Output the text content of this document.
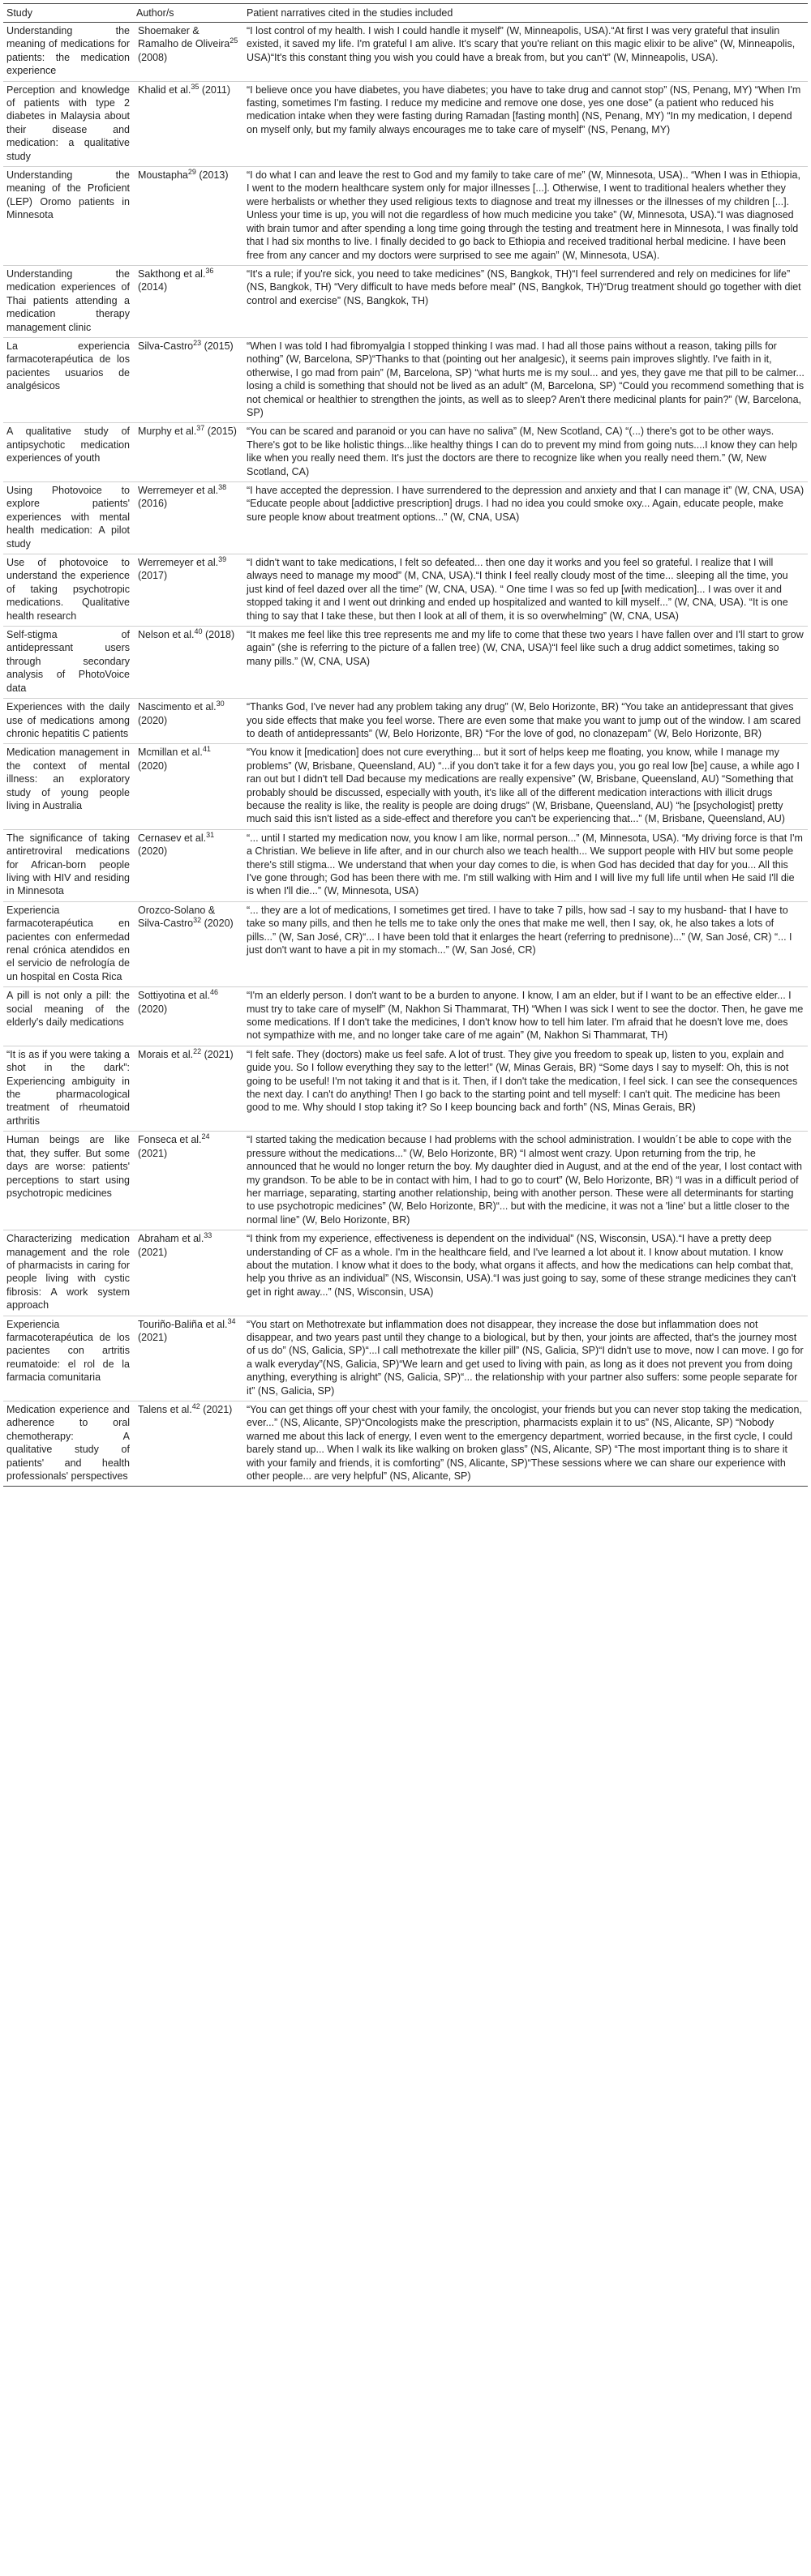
Study	Author/s	Patient narratives cited in the studies included
Understanding the meaning of medications for patients: the medication experience	Shoemaker & Ramalho de Oliveira$^{25}$ (2008)	“I lost control of my health. I wish I could handle it myself” (W, Minneapolis, USA).“At first I was very grateful that insulin existed, it saved my life. I'm grateful I am alive. It's scary that you're reliant on this magic elixir to be alive” (W, Minneapolis, USA)“It's this constant thing you wish you could have a break from, but you can't” (W, Minneapolis, USA).
Perception and knowledge of patients with type 2 diabetes in Malaysia about their disease and medication: a qualitative study	Khalid et al.$^{35}$ (2011)	“I believe once you have diabetes, you have diabetes; you have to take drug and cannot stop” (NS, Penang, MY) “When I'm fasting, sometimes I'm fasting. I reduce my medicine and remove one dose, yes one dose” (a patient who reduced his medication intake when they were fasting during Ramadan [fasting month] (NS, Penang, MY) “In my medication, I depend on myself only, but my family always encourages me to take care of myself” (NS, Penang, MY)
Understanding the meaning of the Proficient (LEP) Oromo patients in Minnesota	Moustapha$^{29}$ (2013)	“I do what I can and leave the rest to God and my family to take care of me” (W, Minnesota, USA).. “When I was in Ethiopia, I went to the modern healthcare system only for major illnesses [...]. Otherwise, I went to traditional healers whether they were herbalists or whether they used religious texts to diagnose and treat my illnesses or the illnesses of my children [...]. Unless your time is up, you will not die regardless of how much medicine you take” (W, Minnesota, USA).“I was diagnosed with brain tumor and after spending a long time going through the testing and treatment here in Minnesota, I was finally told that I had six months to live. I finally decided to go back to Ethiopia and received traditional herbal medicine. I have been free from any cancer and my doctors were surprised to see me again” (W, Minnesota, USA).
Understanding the medication experiences of Thai patients attending a medication therapy management clinic	Sakthong et al.$^{36}$ (2014)	“It's a rule; if you're sick, you need to take medicines” (NS, Bangkok, TH)“I feel surrendered and rely on medicines for life” (NS, Bangkok, TH) “Very difficult to have meds before meal” (NS, Bangkok, TH)“Drug treatment should go together with diet control and exercise” (NS, Bangkok, TH)
La experiencia farmacoterapéutica de los pacientes usuarios de analgésicos	Silva-Castro$^{23}$ (2015)	“When I was told I had fibromyalgia I stopped thinking I was mad. I had all those pains without a reason, taking pills for nothing” (W, Barcelona, SP)“Thanks to that (pointing out her analgesic), it seems pain improves slightly. I've faith in it, otherwise, I go mad from pain” (M, Barcelona, SP) “what hurts me is my soul... and yes, they gave me that pill to be calmer... losing a child is something that should not be lived as an adult” (M, Barcelona, SP) “Could you recommend something that is not chemical or healthier to strengthen the joints, as well as to sleep? Aren't there medicinal plants for pain?” (W, Barcelona, SP)
A qualitative study of antipsychotic medication experiences of youth	Murphy et al.$^{37}$ (2015)	“You can be scared and paranoid or you can have no saliva” (M, New Scotland, CA) “(...) there's got to be other ways. There's got to be like holistic things...like healthy things I can do to prevent my mind from going nuts....I know they can help like when you really need them. It's just the doctors are there to recognize like when you really need them.” (W, New Scotland, CA)
Using Photovoice to explore patients' experiences with mental health medication: A pilot study	Werremeyer et al.$^{38}$ (2016)	“I have accepted the depression. I have surrendered to the depression and anxiety and that I can manage it” (W, CNA, USA) “Educate people about [addictive prescription] drugs. I had no idea you could smoke oxy... Again, educate people, make sure people know about treatment options...” (W, CNA, USA)
Use of photovoice to understand the experience of taking psychotropic medications. Qualitative health research	Werremeyer et al.$^{39}$ (2017)	“I didn't want to take medications, I felt so defeated... then one day it works and you feel so grateful. I realize that I will always need to manage my mood” (M, CNA, USA).“I think I feel really cloudy most of the time... sleeping all the time, you just kind of feel dazed over all the time” (W, CNA, USA). “ One time I was so fed up [with medication]... I was over it and stopped taking it and I went out drinking and ended up hospitalized and wanted to kill myself...” (W, CNA, USA). “It is one thing to say that I take these, but then I look at all of them, it is so overwhelming” (W, CNA, USA)
Self-stigma of antidepressant users through secondary analysis of PhotoVoice data	Nelson et al.$^{40}$ (2018)	“It makes me feel like this tree represents me and my life to come that these two years I have fallen over and I'll start to grow again” (she is referring to the picture of a fallen tree) (W, CNA, USA)“I feel like such a drug addict sometimes, taking so many pills.” (W, CNA, USA)
Experiences with the daily use of medications among chronic hepatitis C patients	Nascimento et al.$^{30}$ (2020)	“Thanks God, I've never had any problem taking any drug” (W, Belo Horizonte, BR) “You take an antidepressant that gives you side effects that make you feel worse. There are even some that make you want to jump out of the window. I am scared to death of antidepressants” (W, Belo Horizonte, BR) “For the love of god, no clonazepam” (W, Belo Horizonte, BR)
Medication management in the context of mental illness: an exploratory study of young people living in Australia	Mcmillan et al.$^{41}$ (2020)	“You know it [medication] does not cure everything... but it sort of helps keep me floating, you know, while I manage my problems” (W, Brisbane, Queensland, AU) “...if you don't take it for a few days you, you go real low [be] cause, a while ago I ran out but I didn't tell Dad because my medications are really expensive” (W, Brisbane, Queensland, AU) “Something that probably should be discussed, especially with youth, it's like all of the different medication interactions with illicit drugs because the reality is like, the reality is people are doing drugs” (W, Brisbane, Queensland, AU) “he [psychologist] pretty much said this isn't listed as a side-effect and therefore you can't be experiencing that...” (M, Brisbane, Queensland, AU)
The significance of taking antiretroviral medications for African-born people living with HIV and residing in Minnesota	Cernasev et al.$^{31}$ (2020)	“... until I started my medication now, you know I am like, normal person...” (M, Minnesota, USA). “My driving force is that I'm a Christian. We believe in life after, and in our church also we teach health... We support people with HIV but some people there's still stigma... We understand that when your day comes to die, is when God has decided that day for you... All this I've gone through; God has been there with me. I'm still walking with Him and I will live my full life until when He said I'll die is when I'll die...” (W, Minnesota, USA)
Experiencia farmacoterapéutica en pacientes con enfermedad renal crónica atendidos en el servicio de nefrología de un hospital en Costa Rica	Orozco-Solano & Silva-Castro$^{32}$ (2020)	“... they are a lot of medications, I sometimes get tired. I have to take 7 pills, how sad -I say to my husband- that I have to take so many pills, and then he tells me to take only the ones that make me well, then I say, ok, he also takes a lots of pills...” (W, San José, CR)“... I have been told that it enlarges the heart (referring to prednisone)...” (W, San José, CR) “... I just don't want to have a pit in my stomach...” (W, San José, CR)
A pill is not only a pill: the social meaning of the elderly's daily medications	Sottiyotina et al.$^{46}$ (2020)	“I'm an elderly person. I don't want to be a burden to anyone. I know, I am an elder, but if I want to be an effective elder... I must try to take care of myself” (M, Nakhon Si Thammarat, TH) “When I was sick I went to see the doctor. Then, he gave me some medications. If I don't take the medicines, I don't know how to tell him later. I'm afraid that he doesn't love me, does not sympathize with me, and no longer take care of me again” (M, Nakhon Si Thammarat, TH)
“It is as if you were taking a shot in the dark”: Experiencing ambiguity in the pharmacological treatment of rheumatoid arthritis	Morais et al.$^{22}$ (2021)	“I felt safe. They (doctors) make us feel safe. A lot of trust. They give you freedom to speak up, listen to you, explain and guide you. So I follow everything they say to the letter!” (W, Minas Gerais, BR) “Some days I say to myself: Oh, this is not going to be useful! I'm not taking it and that is it. Then, if I don't take the medication, I feel sick. I can see the consequences the next day. I can't do anything! Then I go back to the starting point and tell myself: I can't quit. The medicine has been good to me. Why should I stop taking it? So I keep bouncing back and forth” (NS, Minas Gerais, BR)
Human beings are like that, they suffer. But some days are worse: patients' perceptions to start using psychotropic medicines	Fonseca et al.$^{24}$ (2021)	“I started taking the medication because I had problems with the school administration. I wouldn´t be able to cope with the pressure without the medications...” (W, Belo Horizonte, BR) “I almost went crazy. Upon returning from the trip, he announced that he would no longer return the boy. My daughter died in August, and at the end of the year, I lost contact with my grandson. To be able to be in contact with him, I had to go to court” (W, Belo Horizonte, BR) “I was in a difficult period of her marriage, separating, starting another relationship, being with another person. These were all determinants for starting to use psychotropic medicines” (W, Belo Horizonte, BR)“... but with the medicine, it was not a 'line' but a little closer to the normal line” (W, Belo Horizonte, BR)
Characterizing medication management and the role of pharmacists in caring for people living with cystic fibrosis: A work system approach	Abraham et al.$^{33}$ (2021)	“I think from my experience, effectiveness is dependent on the individual” (NS, Wisconsin, USA).“I have a pretty deep understanding of CF as a whole. I'm in the healthcare field, and I've learned a lot about it. I know about mutation. I know about the mutation. I know what it does to the body, what organs it affects, and how the medications can help combat that, help you thrive as an individual” (NS, Wisconsin, USA).“I was just going to say, some of these strange medicines they can't get in right away...” (NS, Wisconsin, USA)
Experiencia farmacoterapéutica de los pacientes con artritis reumatoide: el rol de la farmacia comunitaria	Touriño-Baliña et al.$^{34}$ (2021)	“You start on Methotrexate but inflammation does not disappear, they increase the dose but inflammation does not disappear, and two years past until they change to a biological, but by then, your joints are affected, that's the journey most of us do” (NS, Galicia, SP)“...I call methotrexate the killer pill” (NS, Galicia, SP)“I didn't use to move, now I can move. I go for a walk everyday”(NS, Galicia, SP)“We learn and get used to living with pain, as long as it does not prevent you from doing anything, everything is alright” (NS, Galicia, SP)“... the relationship with your partner also suffers: some people separate for it” (NS, Galicia, SP)
Medication experience and adherence to oral chemotherapy: A qualitative study of patients' and health professionals' perspectives	Talens et al.$^{42}$ (2021)	“You can get things off your chest with your family, the oncologist, your friends but you can never stop taking the medication, ever...” (NS, Alicante, SP)“Oncologists make the prescription, pharmacists explain it to us” (NS, Alicante, SP) “Nobody warned me about this lack of energy, I even went to the emergency department, worried because, in the first cycle, I could barely stand up... When I walk its like walking on broken glass” (NS, Alicante, SP) “The most important thing is to share it with your family and friends, it is comforting” (NS, Alicante, SP)“These sessions where we can share our experience with other people... are very helpful” (NS, Alicante, SP)
